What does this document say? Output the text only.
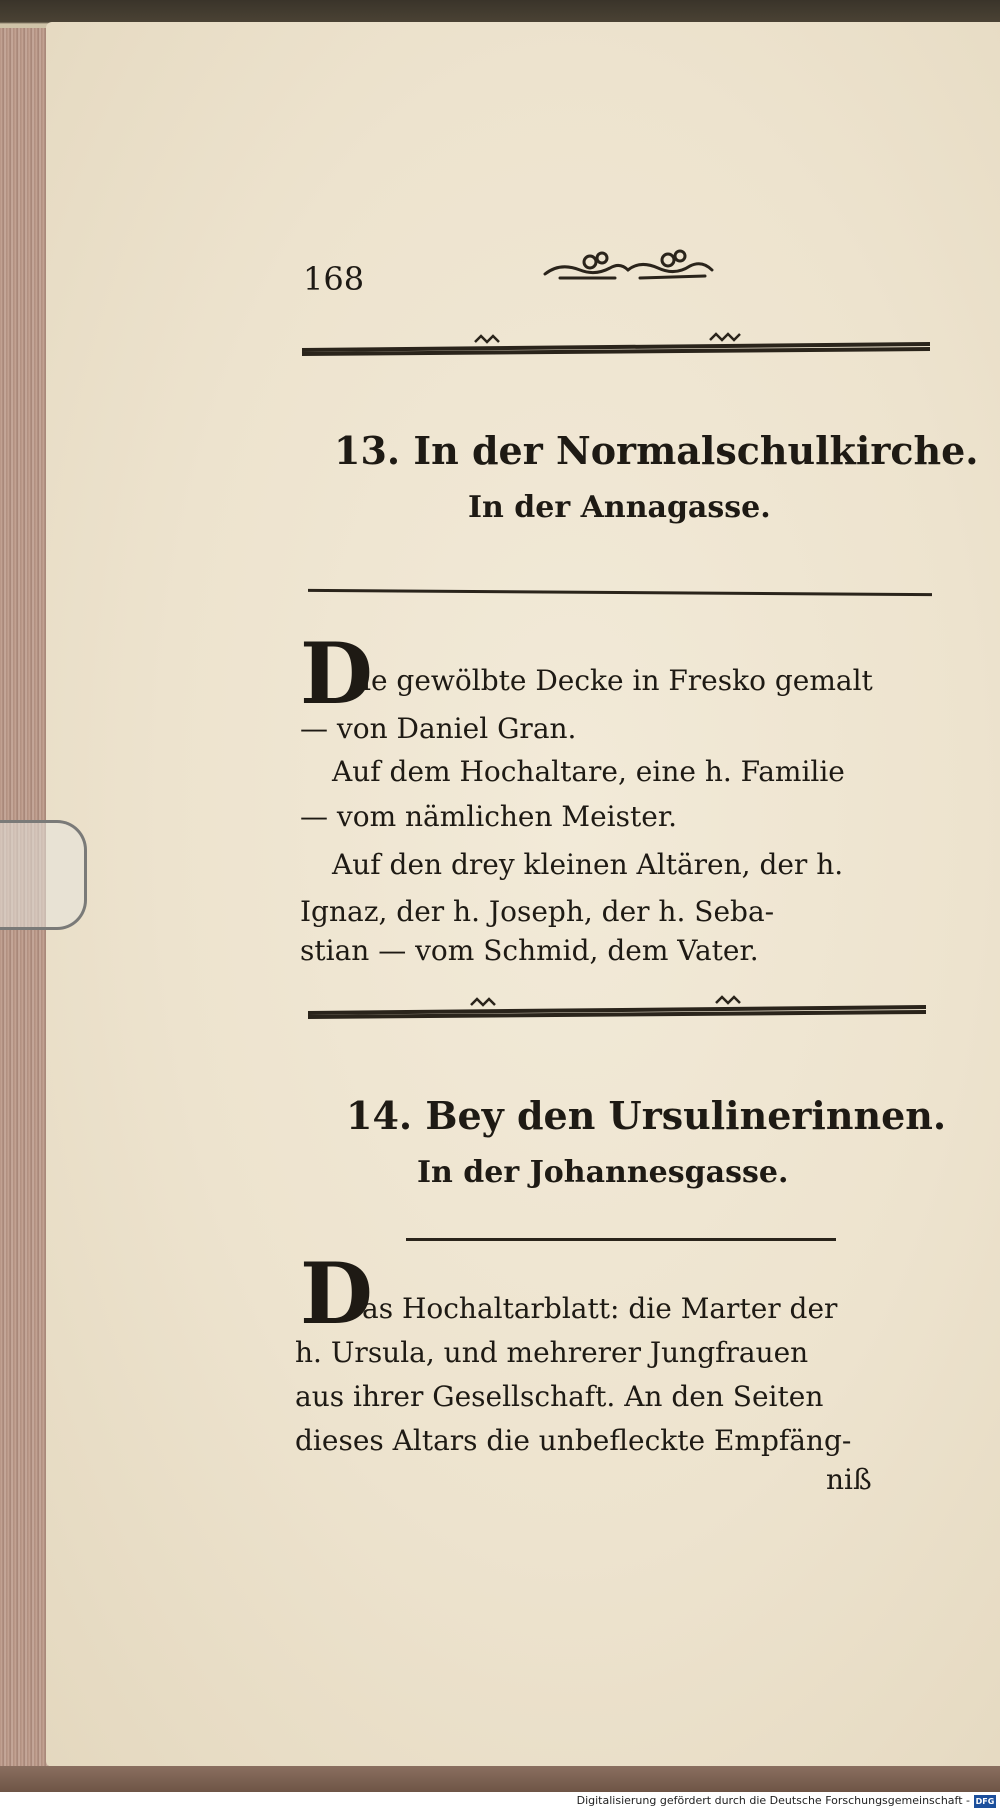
168
13. In der Normalschulkirche.
In der Annagasse.
D
ie gewölbte Decke in Fresko gemalt
— von Daniel Gran.
Auf dem Hochaltare, eine h. Familie
— vom nämlichen Meister.
Auf den drey kleinen Altären, der h.
Ignaz, der h. Joseph, der h. Seba-
stian — vom Schmid, dem Vater.
14. Bey den Ursulinerinnen.
In der Johannesgasse.
D
as Hochaltarblatt: die Marter der
h. Ursula, und mehrerer Jungfrauen
aus ihrer Gesellschaft. An den Seiten
dieses Altars die unbefleckte Empfäng-
niß
Digitalisierung gefördert durch die Deutsche Forschungsgemeinschaft - DFG
